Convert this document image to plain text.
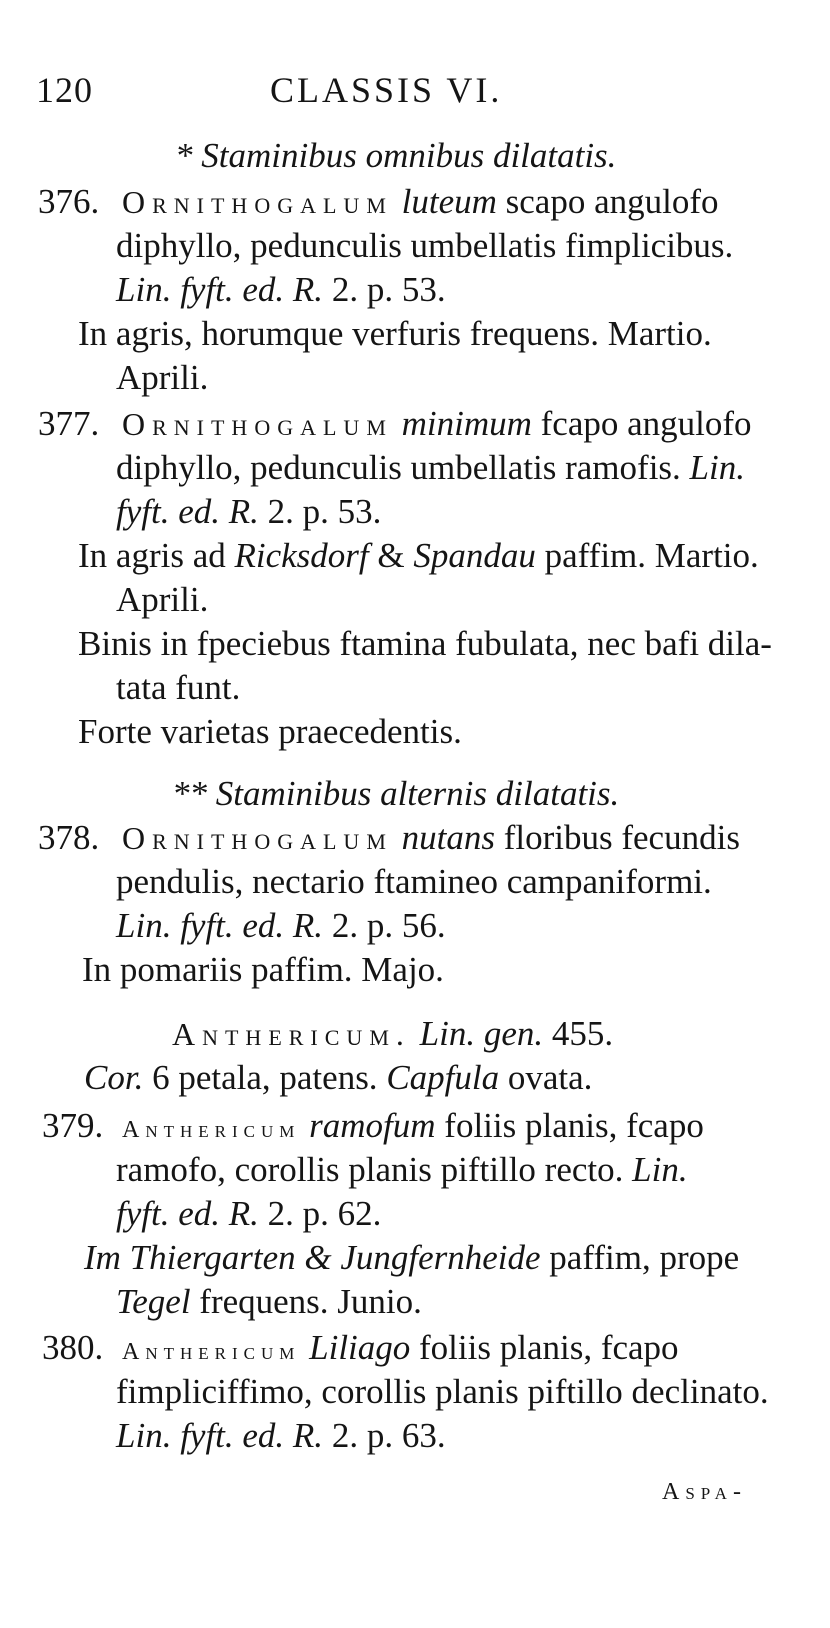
120	CLASSIS VI.
* Staminibus omnibus dilatatis.
376. Ornithogalum luteum scapo angulofo
diphyllo, pedunculis umbellatis fimplicibus.
Lin. fyft. ed. R. 2. p. 53.
In agris, horumque verfuris frequens. Martio.
Aprili.
377. Ornithogalum minimum fcapo angulofo
diphyllo, pedunculis umbellatis ramofis. Lin.
fyft. ed. R. 2. p. 53.
In agris ad Ricksdorf & Spandau paffim. Martio.
Aprili.
Binis in fpeciebus ftamina fubulata, nec bafi dila-
tata funt.
Forte varietas praecedentis.
** Staminibus alternis dilatatis.
378. Ornithogalum nutans floribus fecundis
pendulis, nectario ftamineo campaniformi.
Lin. fyft. ed. R. 2. p. 56.
In pomariis paffim. Majo.
Anthericum. Lin. gen. 455.
Cor. 6 petala, patens. Capfula ovata.
379. Anthericum ramofum foliis planis, fcapo
ramofo, corollis planis piftillo recto. Lin.
fyft. ed. R. 2. p. 62.
Im Thiergarten & Jungfernheide paffim, prope
Tegel frequens. Junio.
380. Anthericum Liliago foliis planis, fcapo
fimpliciffimo, corollis planis piftillo declinato.
Lin. fyft. ed. R. 2. p. 63.
Aspa-
